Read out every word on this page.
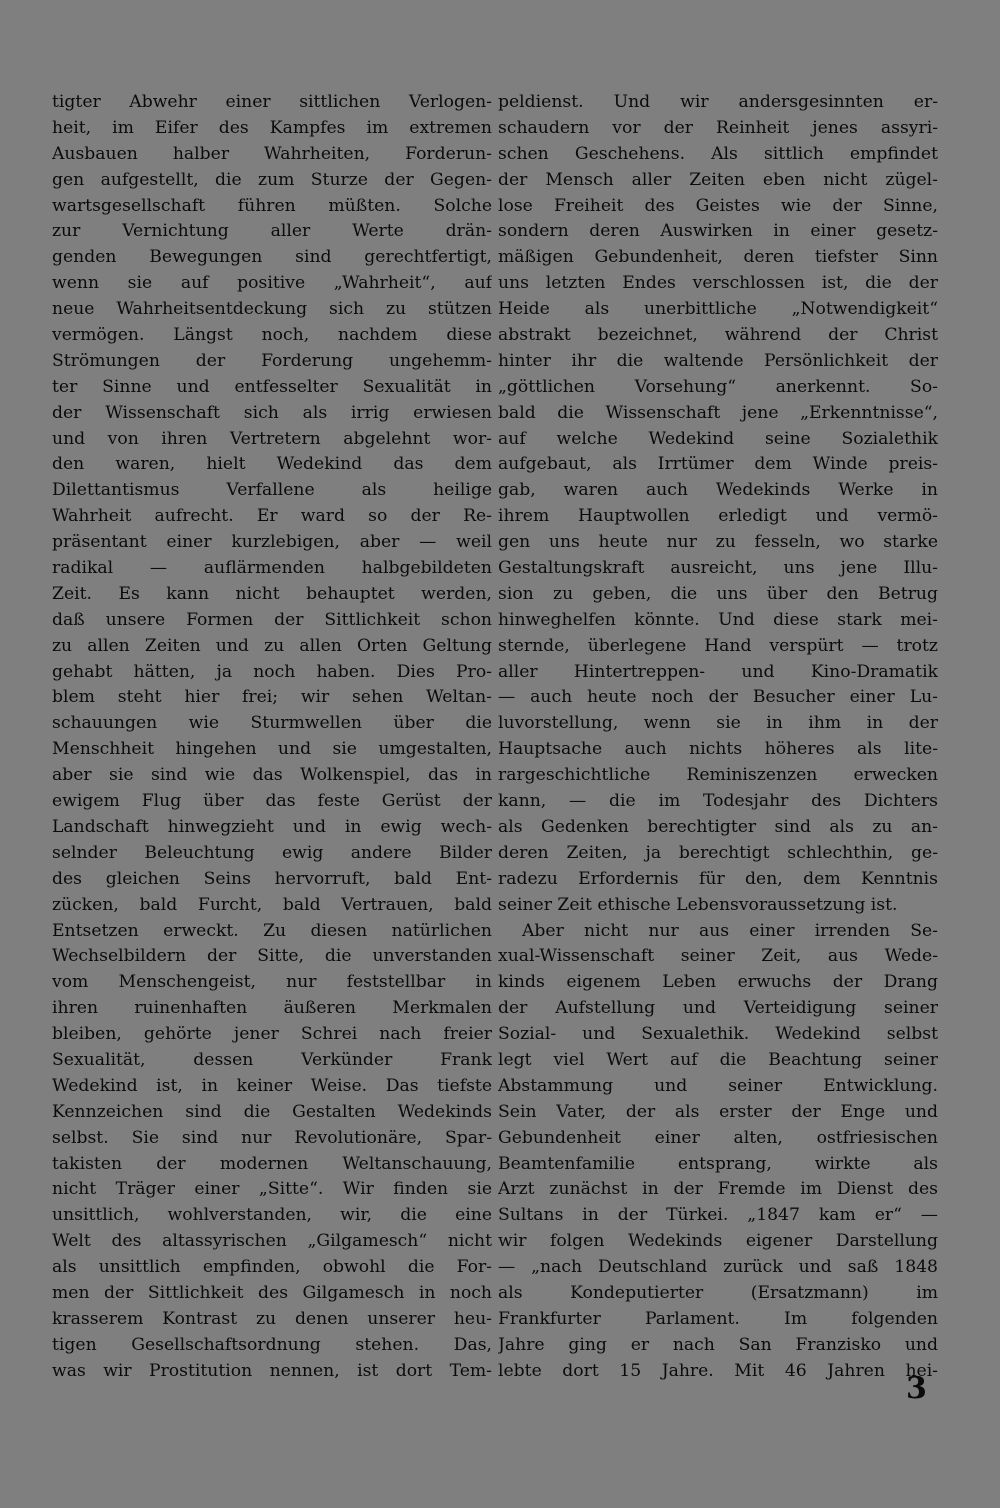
tigter Abwehr einer sittlichen Verlogen-
heit, im Eifer des Kampfes im extremen
Ausbauen halber Wahrheiten, Forderun-
gen aufgestellt, die zum Sturze der Gegen-
wartsgesellschaft führen müßten. Solche
zur Vernichtung aller Werte drän-
genden Bewegungen sind gerechtfertigt,
wenn sie auf positive „Wahrheit“, auf
neue Wahrheitsentdeckung sich zu stützen
vermögen. Längst noch, nachdem diese
Strömungen der Forderung ungehemm-
ter Sinne und entfesselter Sexualität in
der Wissenschaft sich als irrig erwiesen
und von ihren Vertretern abgelehnt wor-
den waren, hielt Wedekind das dem
Dilettantismus Verfallene als heilige
Wahrheit aufrecht. Er ward so der Re-
präsentant einer kurzlebigen, aber — weil
radikal — auflärmenden halbgebildeten
Zeit. Es kann nicht behauptet werden,
daß unsere Formen der Sittlichkeit schon
zu allen Zeiten und zu allen Orten Geltung
gehabt hätten, ja noch haben. Dies Pro-
blem steht hier frei; wir sehen Weltan-
schauungen wie Sturmwellen über die
Menschheit hingehen und sie umgestalten,
aber sie sind wie das Wolkenspiel, das in
ewigem Flug über das feste Gerüst der
Landschaft hinwegzieht und in ewig wech-
selnder Beleuchtung ewig andere Bilder
des gleichen Seins hervorruft, bald Ent-
zücken, bald Furcht, bald Vertrauen, bald
Entsetzen erweckt. Zu diesen natürlichen
Wechselbildern der Sitte, die unverstanden
vom Menschengeist, nur feststellbar in
ihren ruinenhaften äußeren Merkmalen
bleiben, gehörte jener Schrei nach freier
Sexualität, dessen Verkünder Frank
Wedekind ist, in keiner Weise. Das tiefste
Kennzeichen sind die Gestalten Wedekinds
selbst. Sie sind nur Revolutionäre, Spar-
takisten der modernen Weltanschauung,
nicht Träger einer „Sitte“. Wir finden sie
unsittlich, wohlverstanden, wir, die eine
Welt des altassyrischen „Gilgamesch“ nicht
als unsittlich empfinden, obwohl die For-
men der Sittlichkeit des Gilgamesch in noch
krasserem Kontrast zu denen unserer heu-
tigen Gesellschaftsordnung stehen. Das,
was wir Prostitution nennen, ist dort Tem-
peldienst. Und wir andersgesinnten er-
schaudern vor der Reinheit jenes assyri-
schen Geschehens. Als sittlich empfindet
der Mensch aller Zeiten eben nicht zügel-
lose Freiheit des Geistes wie der Sinne,
sondern deren Auswirken in einer gesetz-
mäßigen Gebundenheit, deren tiefster Sinn
uns letzten Endes verschlossen ist, die der
Heide als unerbittliche „Notwendigkeit“
abstrakt bezeichnet, während der Christ
hinter ihr die waltende Persönlichkeit der
„göttlichen Vorsehung“ anerkennt. So-
bald die Wissenschaft jene „Erkenntnisse“,
auf welche Wedekind seine Sozialethik
aufgebaut, als Irrtümer dem Winde preis-
gab, waren auch Wedekinds Werke in
ihrem Hauptwollen erledigt und vermö-
gen uns heute nur zu fesseln, wo starke
Gestaltungskraft ausreicht, uns jene Illu-
sion zu geben, die uns über den Betrug
hinweghelfen könnte. Und diese stark mei-
sternde, überlegene Hand verspürt — trotz
aller Hintertreppen- und Kino-Dramatik
— auch heute noch der Besucher einer Lu-
luvorstellung, wenn sie in ihm in der
Hauptsache auch nichts höheres als lite-
rargeschichtliche Reminiszenzen erwecken
kann, — die im Todesjahr des Dichters
als Gedenken berechtigter sind als zu an-
deren Zeiten, ja berechtigt schlechthin, ge-
radezu Erfordernis für den, dem Kenntnis
seiner Zeit ethische Lebensvoraussetzung ist.
Aber nicht nur aus einer irrenden Se-
xual-Wissenschaft seiner Zeit, aus Wede-
kinds eigenem Leben erwuchs der Drang
der Aufstellung und Verteidigung seiner
Sozial- und Sexualethik. Wedekind selbst
legt viel Wert auf die Beachtung seiner
Abstammung und seiner Entwicklung.
Sein Vater, der als erster der Enge und
Gebundenheit einer alten, ostfriesischen
Beamtenfamilie entsprang, wirkte als
Arzt zunächst in der Fremde im Dienst des
Sultans in der Türkei. „1847 kam er“ —
wir folgen Wedekinds eigener Darstellung
— „nach Deutschland zurück und saß 1848
als Kondeputierter (Ersatzmann) im
Frankfurter Parlament. Im folgenden
Jahre ging er nach San Franzisko und
lebte dort 15 Jahre. Mit 46 Jahren hei-
3
